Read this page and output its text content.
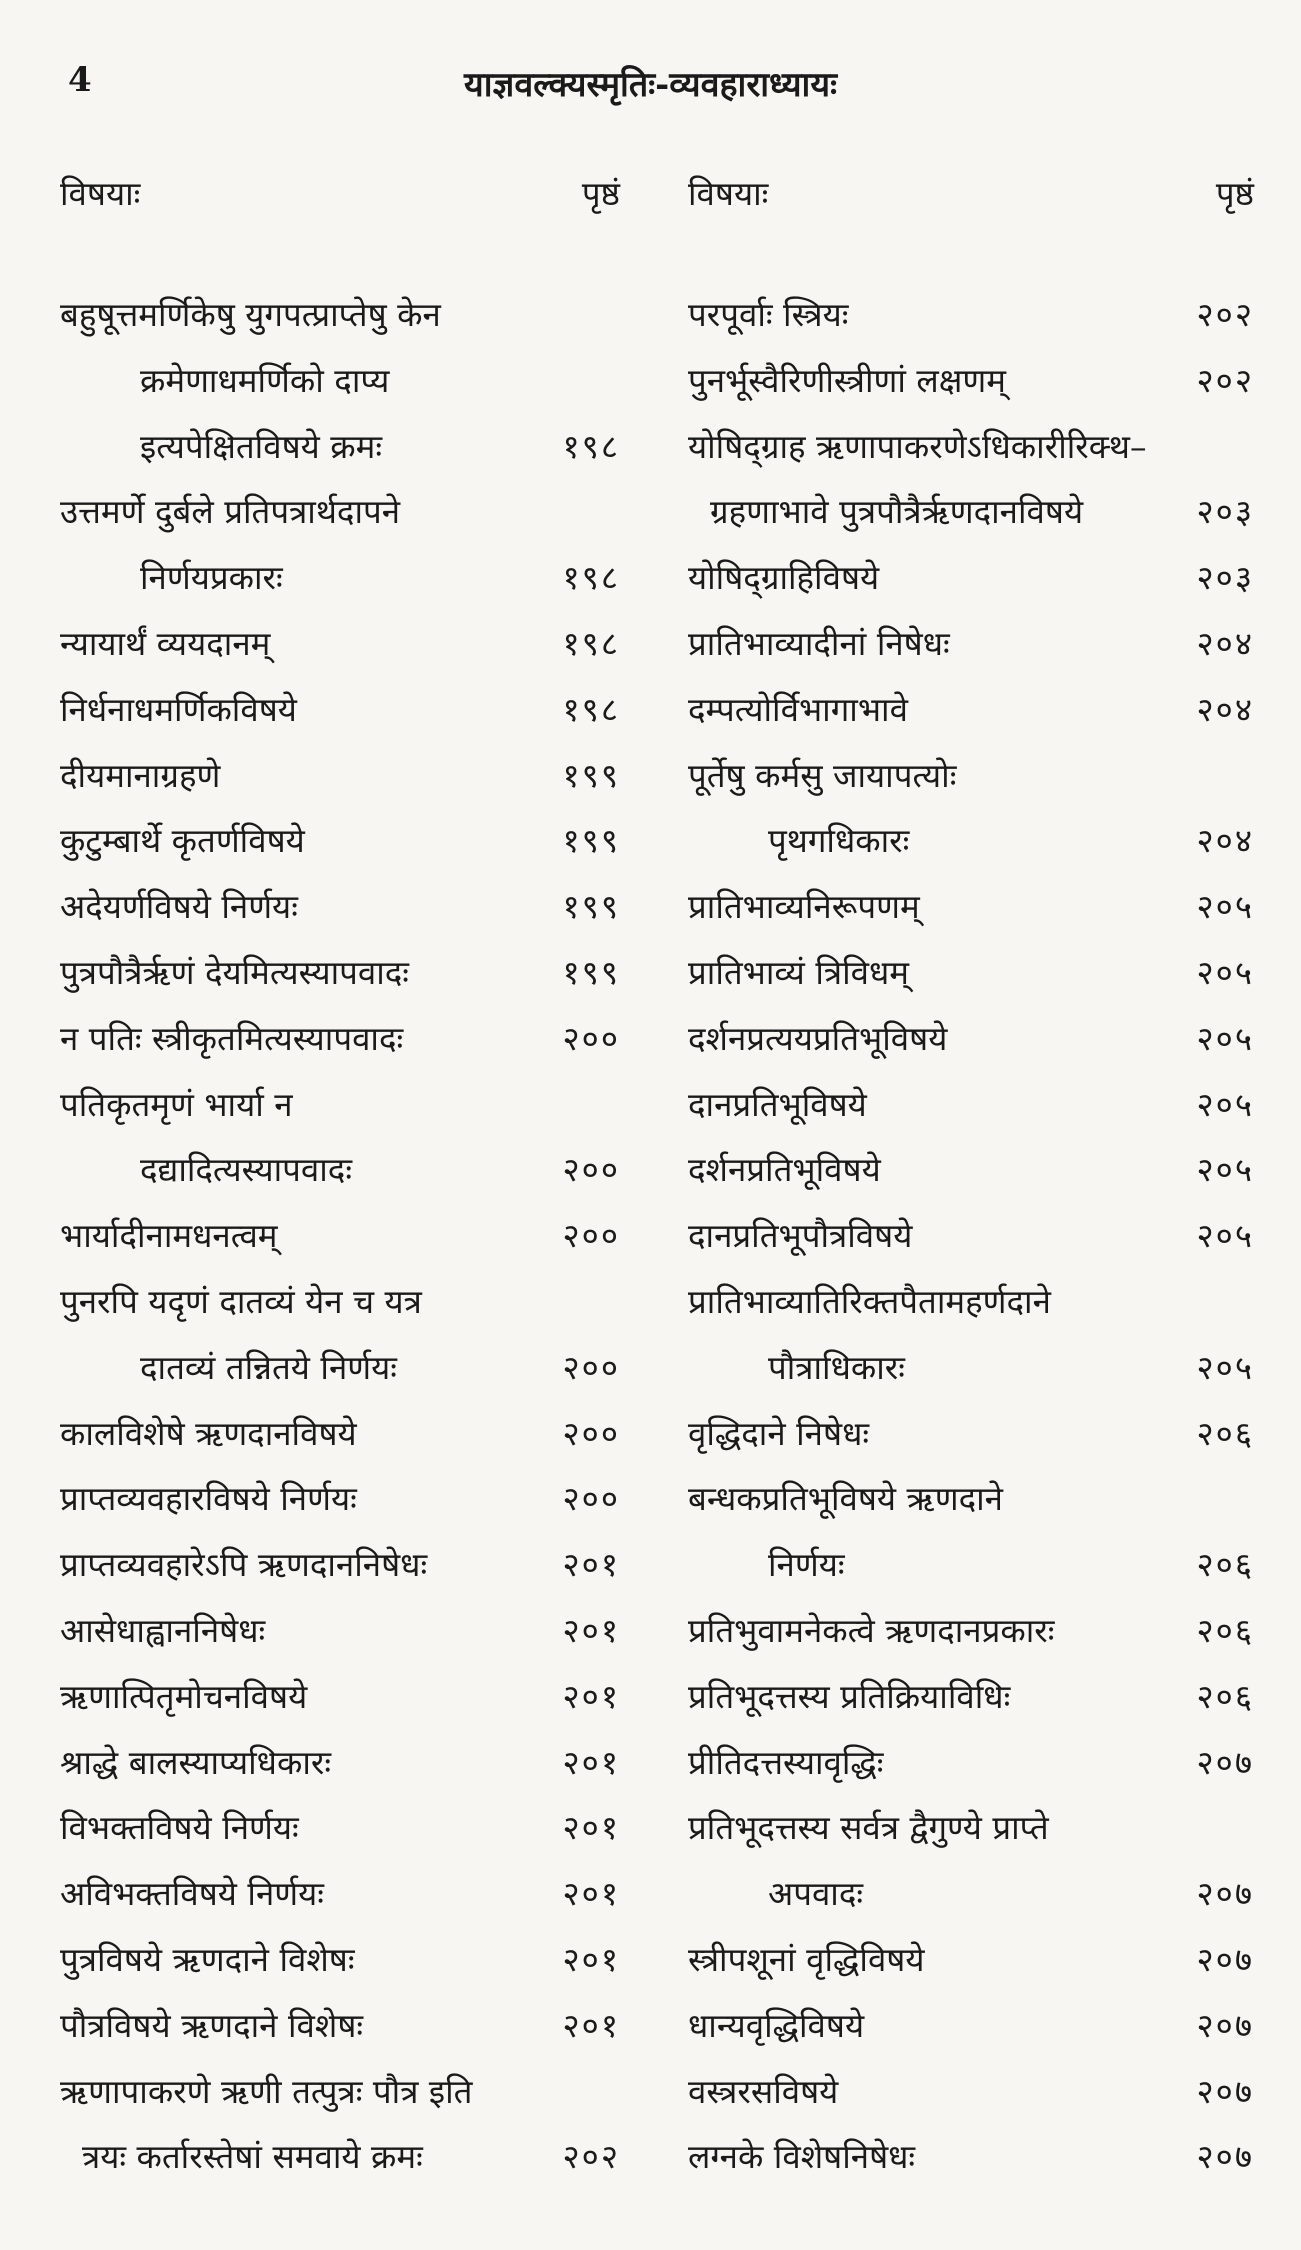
याज्ञवल्क्यस्मृतिः-व्यवहाराध्यायः
4
विषयाः	पृष्ठं
बहुषूत्तमर्णिकेषु युगपत्प्राप्तेषु केन
क्रमेणाधमर्णिको दाप्य
इत्यपेक्षितविषये क्रमः	१९८
उत्तमर्णे दुर्बले प्रतिपत्रार्थदापने
निर्णयप्रकारः	१९८
न्यायार्थं व्ययदानम्	१९८
निर्धनाधमर्णिकविषये	१९८
दीयमानाग्रहणे	१९९
कुटुम्बार्थे कृतर्णविषये	१९९
अदेयर्णविषये निर्णयः	१९९
पुत्रपौत्रैर्ऋणं देयमित्यस्यापवादः	१९९
न पतिः स्त्रीकृतमित्यस्यापवादः	२००
पतिकृतमृणं भार्या न
दद्यादित्यस्यापवादः	२००
भार्यादीनामधनत्वम्	२००
पुनरपि यदृणं दातव्यं येन च यत्र
दातव्यं तन्नितये निर्णयः	२००
कालविशेषे ऋणदानविषये	२००
प्राप्तव्यवहारविषये निर्णयः	२००
प्राप्तव्यवहारेऽपि ऋणदाननिषेधः	२०१
आसेधाह्वाननिषेधः	२०१
ऋणात्पितृमोचनविषये	२०१
श्राद्धे बालस्याप्यधिकारः	२०१
विभक्तविषये निर्णयः	२०१
अविभक्तविषये निर्णयः	२०१
पुत्रविषये ऋणदाने विशेषः	२०१
पौत्रविषये ऋणदाने विशेषः	२०१
ऋणापाकरणे ऋणी तत्पुत्रः पौत्र इति
त्रयः कर्तारस्तेषां समवाये क्रमः	२०२
विषयाः	पृष्ठं
परपूर्वाः स्त्रियः	२०२
पुनर्भूस्वैरिणीस्त्रीणां लक्षणम्	२०२
योषिद्ग्राह ऋणापाकरणेऽधिकारीरिक्थ–
ग्रहणाभावे पुत्रपौत्रैर्ऋणदानविषये	२०३
योषिद्ग्राहिविषये	२०३
प्रातिभाव्यादीनां निषेधः	२०४
दम्पत्योर्विभागाभावे	२०४
पूर्तेषु कर्मसु जायापत्योः
पृथगधिकारः	२०४
प्रातिभाव्यनिरूपणम्	२०५
प्रातिभाव्यं त्रिविधम्	२०५
दर्शनप्रत्ययप्रतिभूविषये	२०५
दानप्रतिभूविषये	२०५
दर्शनप्रतिभूविषये	२०५
दानप्रतिभूपौत्रविषये	२०५
प्रातिभाव्यातिरिक्तपैतामहर्णदाने
पौत्राधिकारः	२०५
वृद्धिदाने निषेधः	२०६
बन्धकप्रतिभूविषये ऋणदाने
निर्णयः	२०६
प्रतिभुवामनेकत्वे ऋणदानप्रकारः	२०६
प्रतिभूदत्तस्य प्रतिक्रियाविधिः	२०६
प्रीतिदत्तस्यावृद्धिः	२०७
प्रतिभूदत्तस्य सर्वत्र द्वैगुण्ये प्राप्ते
अपवादः	२०७
स्त्रीपशूनां वृद्धिविषये	२०७
धान्यवृद्धिविषये	२०७
वस्त्ररसविषये	२०७
लग्नके विशेषनिषेधः	२०७
